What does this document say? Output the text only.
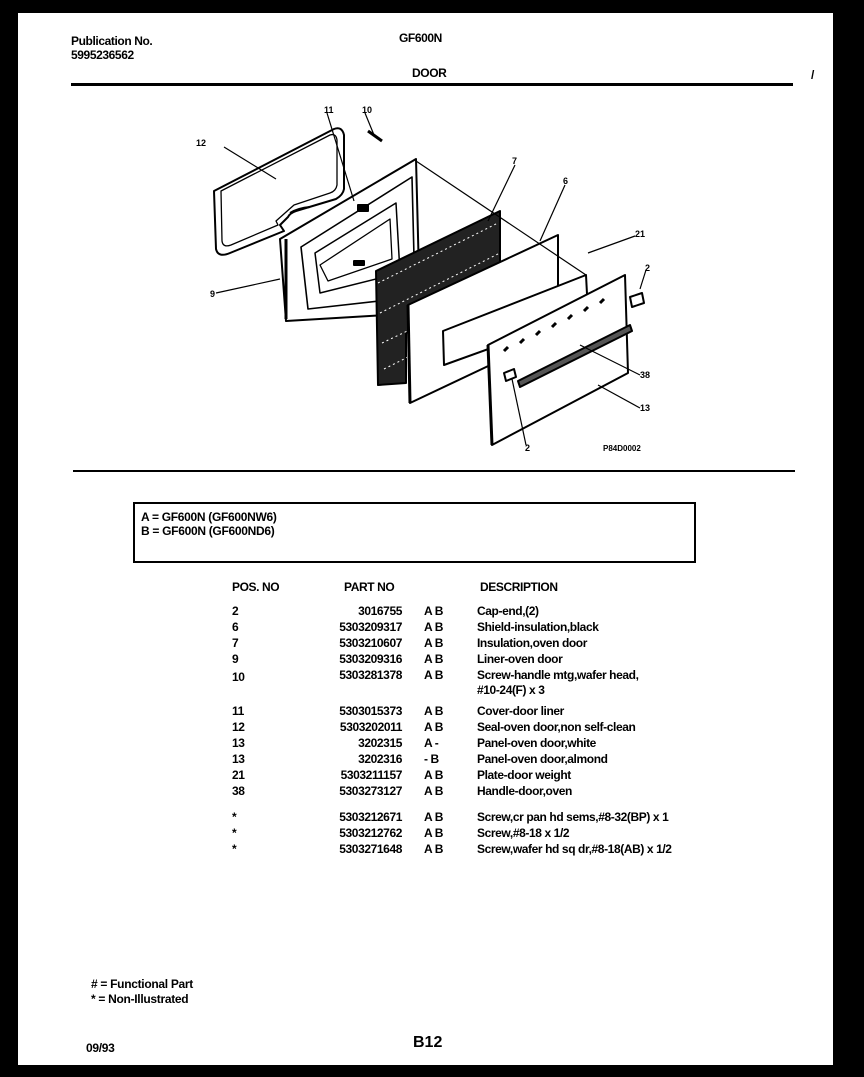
Publication No.
5995236562
GF600N
DOOR	/
12
11	10
7
6
21
2
9
38
13
2	P84D0002
A = GF600N (GF600NW6)
B = GF600N (GF600ND6)
POS. NO	PART NO	DESCRIPTION
2	3016755 A B	Cap-end,(2)
6	5303209317 A B	Shield-insulation,black
7	5303210607 A B	Insulation,oven door
9	5303209316 A B	Liner-oven door
10	5303281378 A B	Screw-handle mtg,wafer head,
#10-24(F) x 3
11	5303015373 A B	Cover-door liner
12	5303202011 A B	Seal-oven door,non self-clean
13	3202315 A -	Panel-oven door,white
13	3202316 - B	Panel-oven door,almond
21	5303211157 A B	Plate-door weight
38	5303273127 A B	Handle-door,oven
*	5303212671 A B	Screw,cr pan hd sems,#8-32(BP) x 1
*	5303212762 A B	Screw,#8-18 x 1/2
*	5303271648 A B	Screw,wafer hd sq dr,#8-18(AB) x 1/2
# = Functional Part
* = Non-Illustrated
09/93	B12
